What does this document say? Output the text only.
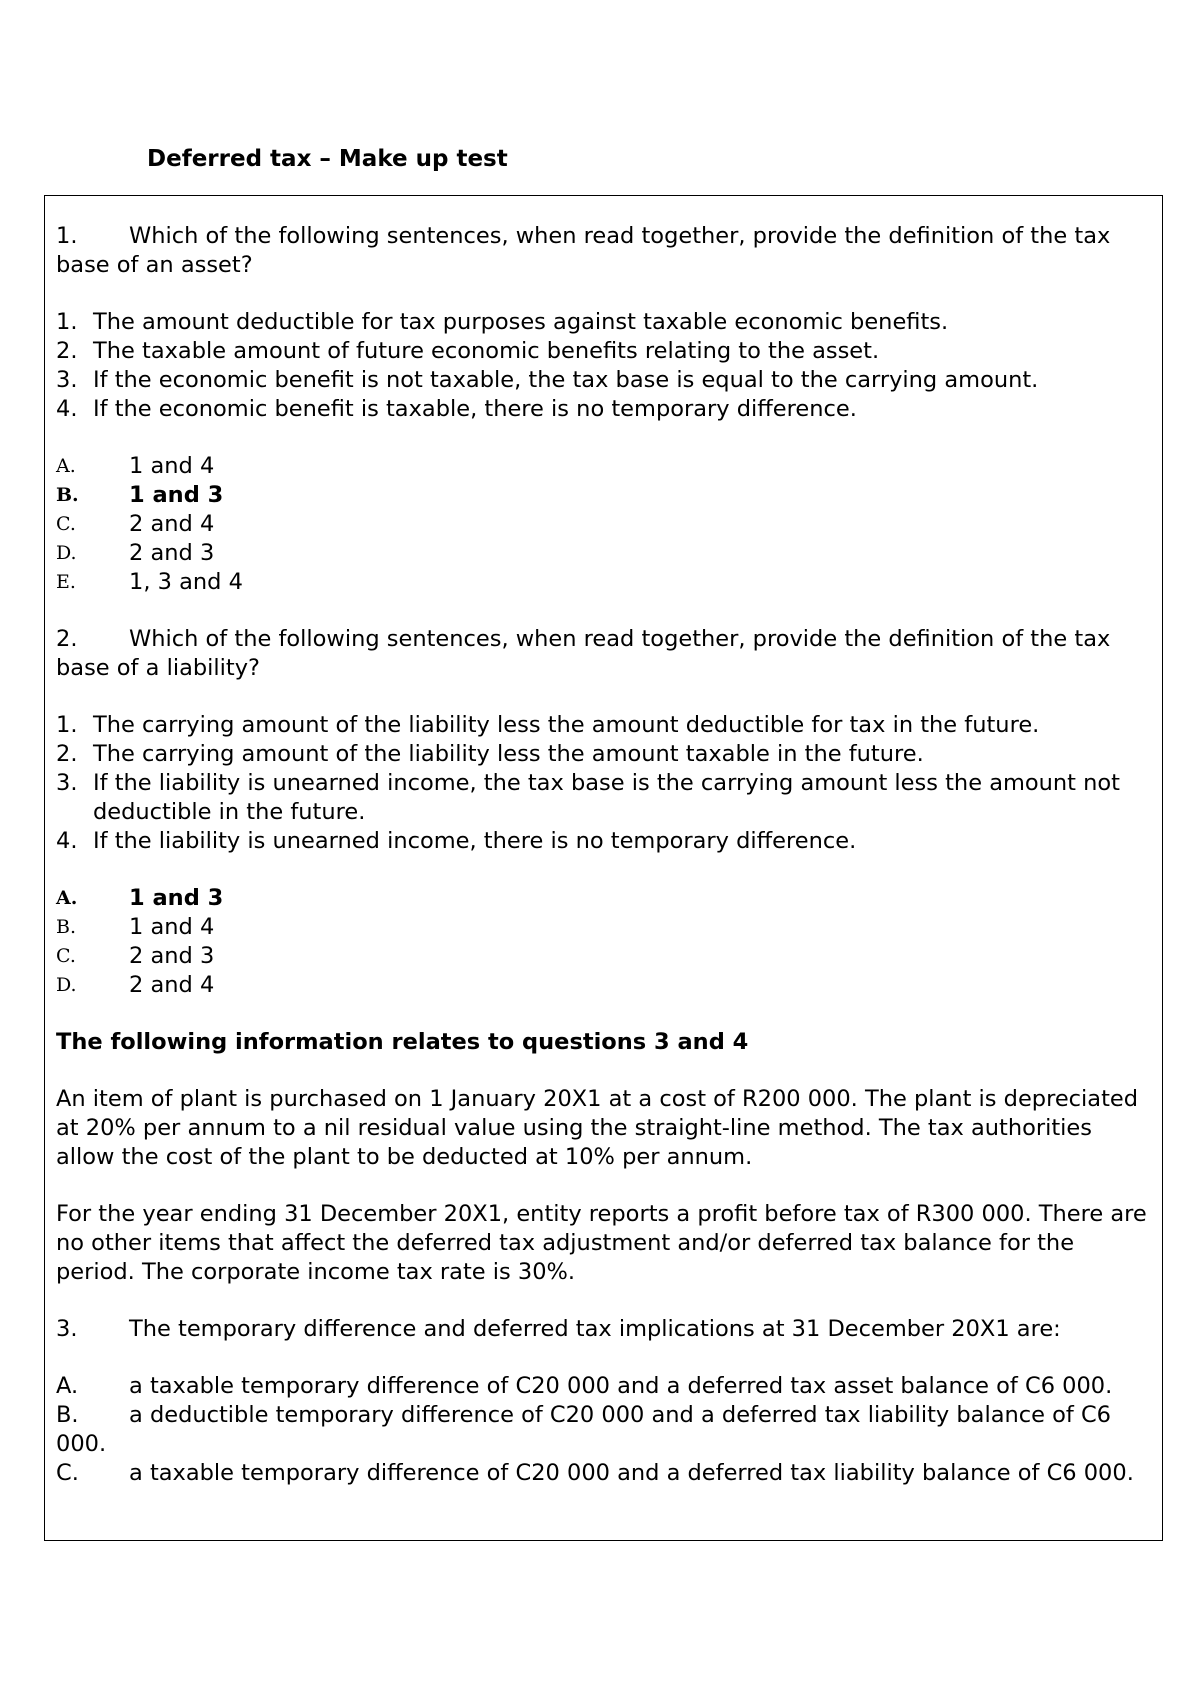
Deferred tax – Make up test

1. Which of the following sentences, when read together, provide the definition of the tax base of an asset?

1. The amount deductible for tax purposes against taxable economic benefits.
2. The taxable amount of future economic benefits relating to the asset.
3. If the economic benefit is not taxable, the tax base is equal to the carrying amount.
4. If the economic benefit is taxable, there is no temporary difference.
A.	1 and 4
B.	1 and 3
C.	2 and 4
D.	2 and 3
E.	1, 3 and 4

2. Which of the following sentences, when read together, provide the definition of the tax base of a liability?

1. The carrying amount of the liability less the amount deductible for tax in the future.
2. The carrying amount of the liability less the amount taxable in the future.
3. If the liability is unearned income, the tax base is the carrying amount less the amount not deductible in the future.
4. If the liability is unearned income, there is no temporary difference.
A.	1 and 3
B.	1 and 4
C.	2 and 3
D.	2 and 4

The following information relates to questions 3 and 4

An item of plant is purchased on 1 January 20X1 at a cost of R200 000. The plant is depreciated at 20% per annum to a nil residual value using the straight-line method. The tax authorities allow the cost of the plant to be deducted at 10% per annum.

For the year ending 31 December 20X1, entity reports a profit before tax of R300 000. There are no other items that affect the deferred tax adjustment and/or deferred tax balance for the period. The corporate income tax rate is 30%.

3. The temporary difference and deferred tax implications at 31 December 20X1 are:

A. a taxable temporary difference of C20 000 and a deferred tax asset balance of C6 000.

B. a deductible temporary difference of C20 000 and a deferred tax liability balance of C6 000.

C. a taxable temporary difference of C20 000 and a deferred tax liability balance of C6 000.
